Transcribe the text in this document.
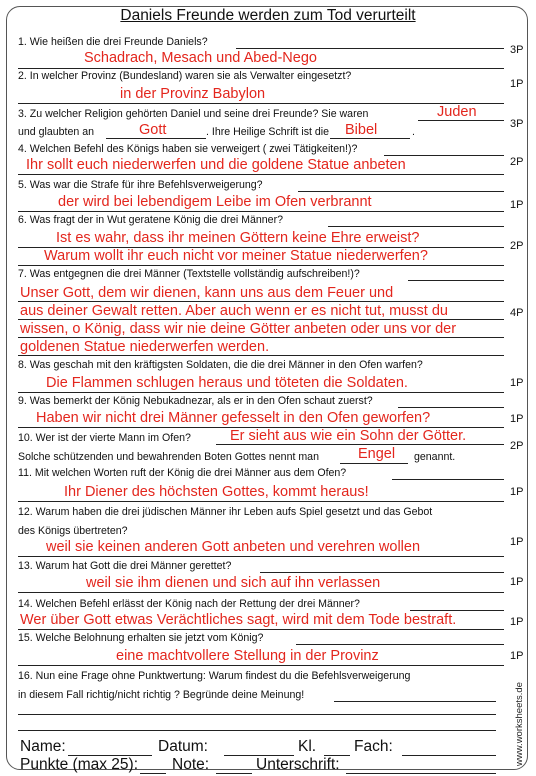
Daniels Freunde werden zum Tod verurteilt
1. Wie heißen die drei Freunde Daniels?
Schadrach, Mesach und Abed-Nego	3P
2. In welcher Provinz (Bundesland) waren sie als Verwalter eingesetzt?
in der Provinz Babylon
1P
3. Zu welcher Religion gehörten Daniel und seine drei Freunde? Sie waren	Juden
und glaubten an	Gott	. Ihre Heilige Schrift ist die Bibel	.
3P
4. Welchen Befehl des Königs haben sie verweigert ( zwei Tätigkeiten!)?
Ihr sollt euch niederwerfen und die goldene Statue anbeten	2P
5. Was war die Strafe für ihre Befehlsverweigerung?
der wird bei lebendigem Leibe im Ofen verbrannt	1P
6. Was fragt der in Wut geratene König die drei Männer?
Ist es wahr, dass ihr meinen Göttern keine Ehre erweist?
Warum wollt ihr euch nicht vor meiner Statue niederwerfen?
2P
7. Was entgegnen die drei Männer (Textstelle vollständig aufschreiben!)?
Unser Gott, dem wir dienen, kann uns aus dem Feuer und
aus deiner Gewalt retten. Aber auch wenn er es nicht tut, musst du
wissen, o König, dass wir nie deine Götter anbeten oder uns vor der
goldenen Statue niederwerfen werden.
4P
8. Was geschah mit den kräftigsten Soldaten, die die drei Männer in den Ofen warfen?
Die Flammen schlugen heraus und töteten die Soldaten.	1P
9. Was bemerkt der König Nebukadnezar, als er in den Ofen schaut zuerst?
Haben wir nicht drei Männer gefesselt in den Ofen geworfen?	1P
10. Wer ist der vierte Mann im Ofen?	Er sieht aus wie ein Sohn der Götter.
Solche schützenden und bewahrenden Boten Gottes nennt man	Engel genannt.
2P
11. Mit welchen Worten ruft der König die drei Männer aus dem Ofen?
Ihr Diener des höchsten Gottes, kommt heraus!	1P
12. Warum haben die drei jüdischen Männer ihr Leben aufs Spiel gesetzt und das Gebot
des Königs übertreten?
weil sie keinen anderen Gott anbeten und verehren wollen	1P
13. Warum hat Gott die drei Männer gerettet?
weil sie ihm dienen und sich auf ihn verlassen	1P
14. Welchen Befehl erlässt der König nach der Rettung der drei Männer?
Wer über Gott etwas Verächtliches sagt, wird mit dem Tode bestraft.	1P
15. Welche Belohnung erhalten sie jetzt vom König?
eine machtvollere Stellung in der Provinz	1P
16. Nun eine Frage ohne Punktwertung: Warum findest du die Befehlsverweigerung
in diesem Fall richtig/nicht richtig ? Begründe deine Meinung!
Name:	Datum:	Kl. Fach:
Punkte (max 25): Note:	Unterschrift:	www.worksheets.de
